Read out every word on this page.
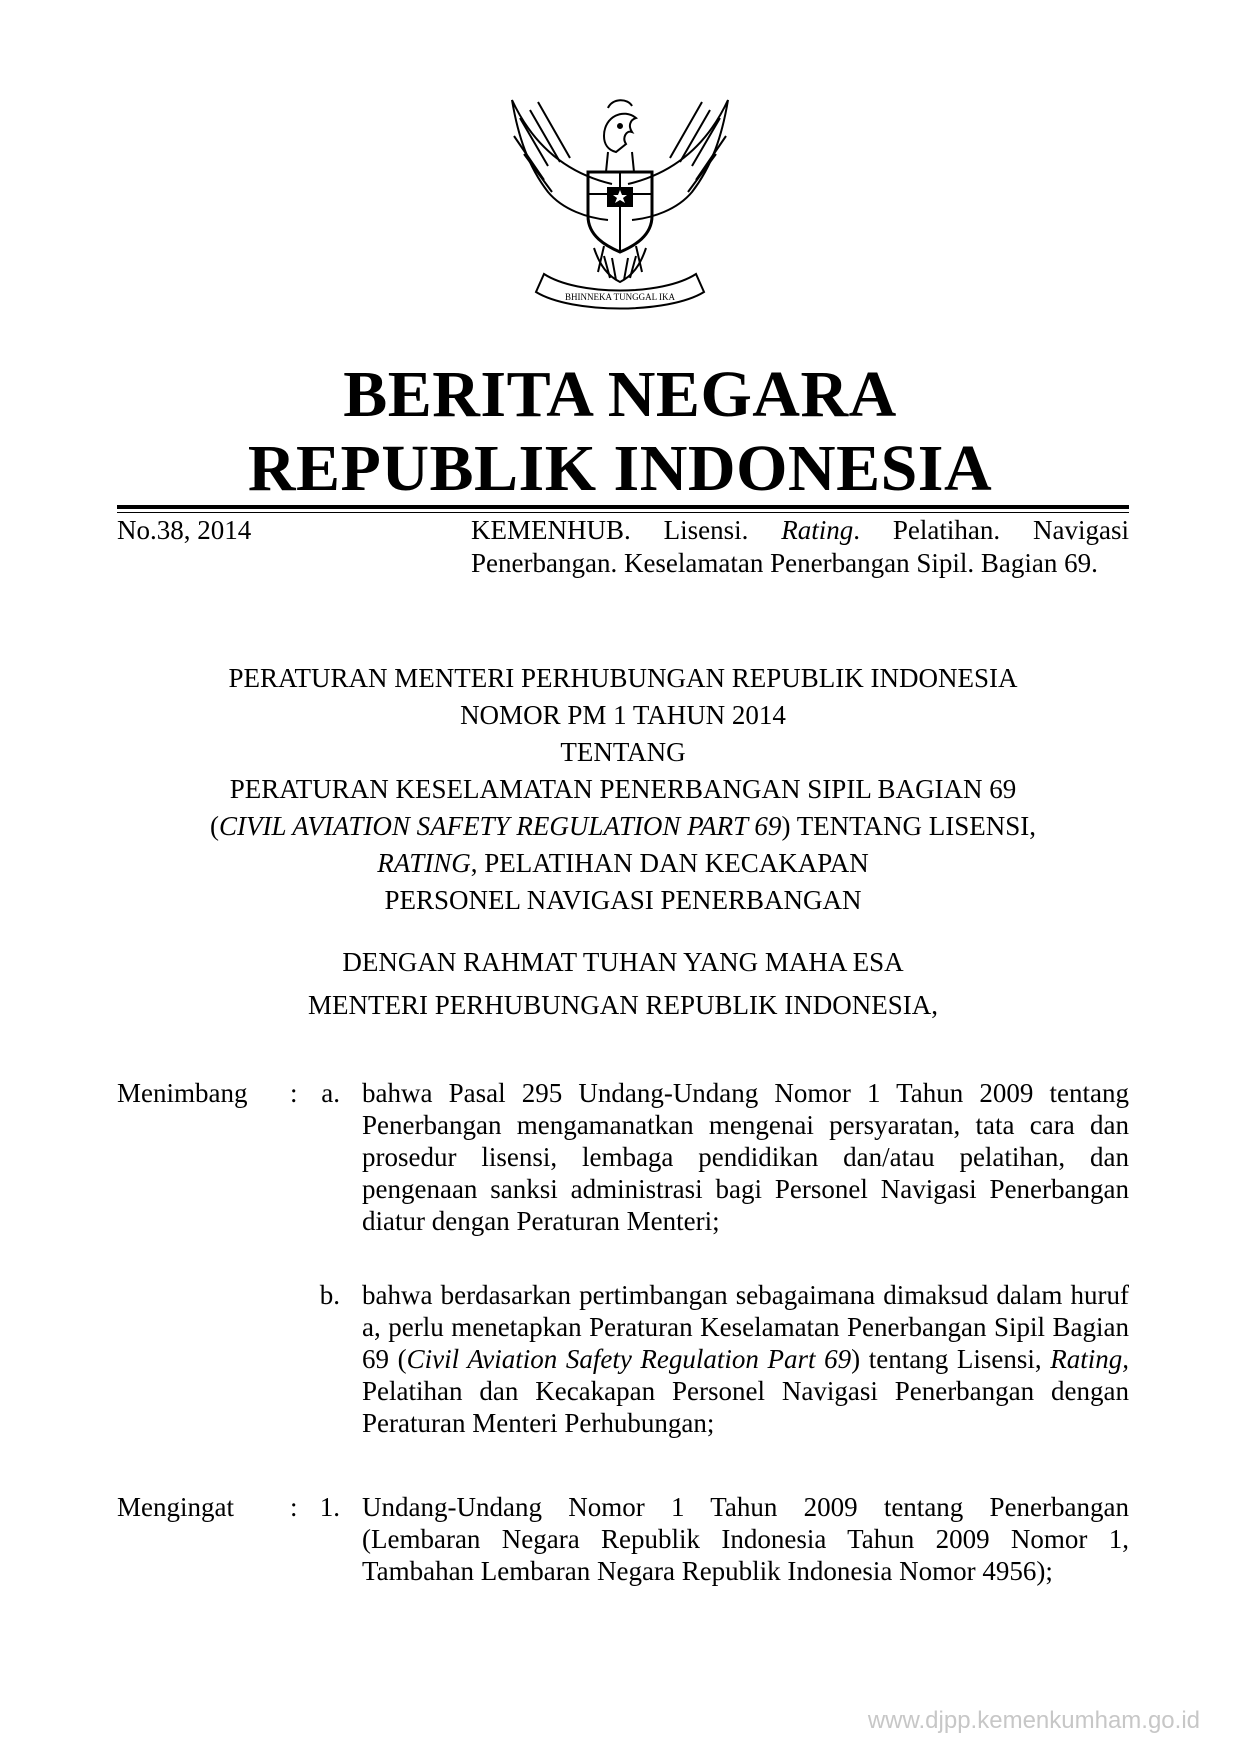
BHINNEKA TUNGGAL IKA
BERITA NEGARA
REPUBLIK INDONESIA
No.38, 2014	KEMENHUB. Lisensi. Rating. Pelatihan. Navigasi Penerbangan. Keselamatan Penerbangan Sipil. Bagian 69.
PERATURAN MENTERI PERHUBUNGAN REPUBLIK INDONESIA
NOMOR PM 1 TAHUN 2014
TENTANG
PERATURAN KESELAMATAN PENERBANGAN SIPIL BAGIAN 69
(CIVIL AVIATION SAFETY REGULATION PART 69) TENTANG LISENSI,
RATING, PELATIHAN DAN KECAKAPAN
PERSONEL NAVIGASI PENERBANGAN
DENGAN RAHMAT TUHAN YANG MAHA ESA
MENTERI PERHUBUNGAN REPUBLIK INDONESIA,
Menimbang : a. bahwa Pasal 295 Undang-Undang Nomor 1 Tahun 2009 tentang Penerbangan mengamanatkan mengenai persyaratan, tata cara dan prosedur lisensi, lembaga pendidikan dan/atau pelatihan, dan pengenaan sanksi administrasi bagi Personel Navigasi Penerbangan diatur dengan Peraturan Menteri;
b. bahwa berdasarkan pertimbangan sebagaimana dimaksud dalam huruf a, perlu menetapkan Peraturan Keselamatan Penerbangan Sipil Bagian 69 (Civil Aviation Safety Regulation Part 69) tentang Lisensi, Rating, Pelatihan dan Kecakapan Personel Navigasi Penerbangan dengan Peraturan Menteri Perhubungan;
Mengingat : 1. Undang-Undang Nomor 1 Tahun 2009 tentang Penerbangan (Lembaran Negara Republik Indonesia Tahun 2009 Nomor 1, Tambahan Lembaran Negara Republik Indonesia Nomor 4956);
www.djpp.kemenkumham.go.id
